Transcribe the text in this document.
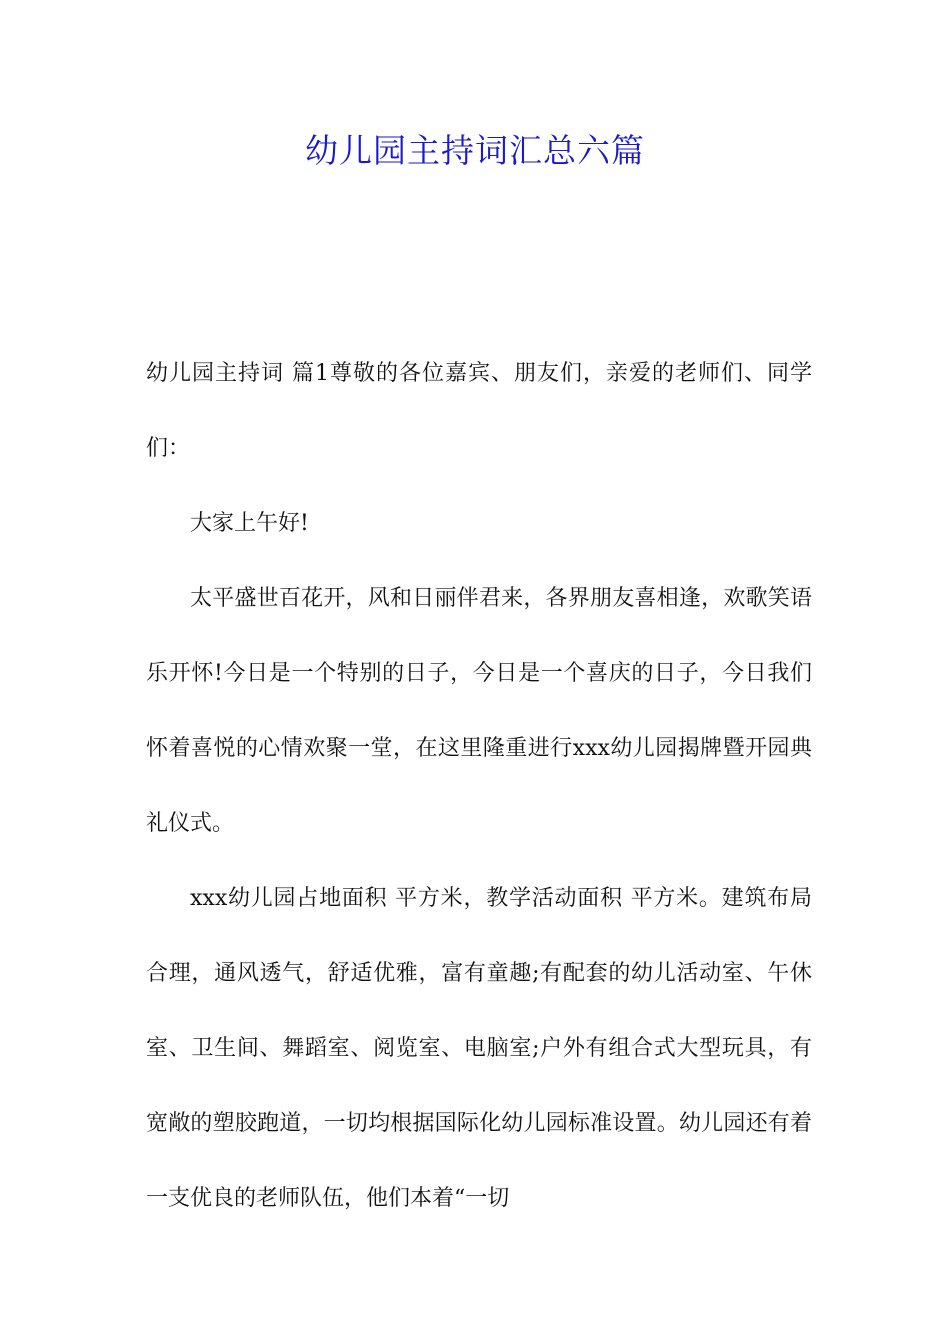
幼儿园主持词汇总六篇

幼儿园主持词 篇1尊敬的各位嘉宾、朋友们，亲爱的老师们、同学们：

大家上午好!

太平盛世百花开，风和日丽伴君来，各界朋友喜相逢，欢歌笑语乐开怀!今日是一个特别的日子，今日是一个喜庆的日子，今日我们怀着喜悦的心情欢聚一堂，在这里隆重进行xxx幼儿园揭牌暨开园典礼仪式。

xxx幼儿园占地面积 平方米，教学活动面积 平方米。建筑布局合理，通风透气，舒适优雅，富有童趣;有配套的幼儿活动室、午休室、卫生间、舞蹈室、阅览室、电脑室;户外有组合式大型玩具，有宽敞的塑胶跑道，一切均根据国际化幼儿园标准设置。幼儿园还有着一支优良的老师队伍，他们本着“一切
